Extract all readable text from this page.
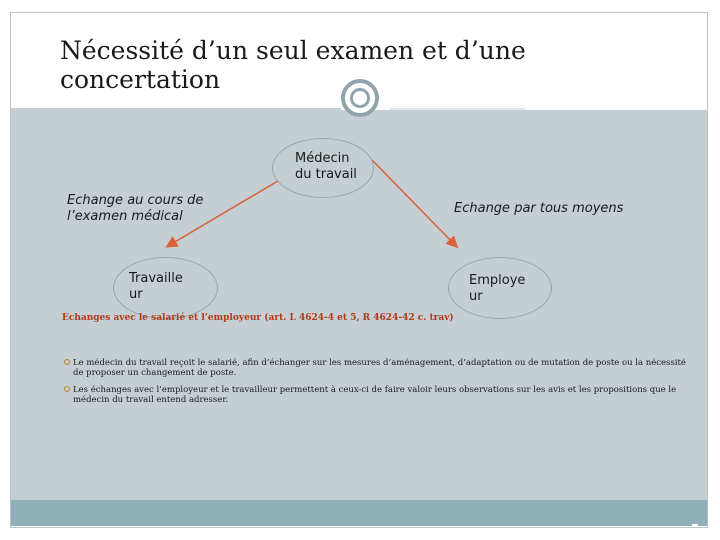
Nécessité d’un seul examen et d’une concertation
Médecin du travail
Travaille ur
Employe ur
Echange au cours de l’examen médical
Echange par tous moyens
Echanges avec le salarié et l’employeur (art. L 4624-4 et 5, R 4624-42 c. trav)
Le médecin du travail reçoit le salarié, afin d’échanger sur les mesures d’aménagement, d’adaptation ou de mutation de poste ou la nécessité de proposer un changement de poste.
Les échanges avec l’employeur et le travailleur permettent à ceux-ci de faire valoir leurs observations sur les avis et les propositions que le médecin du travail entend adresser.
